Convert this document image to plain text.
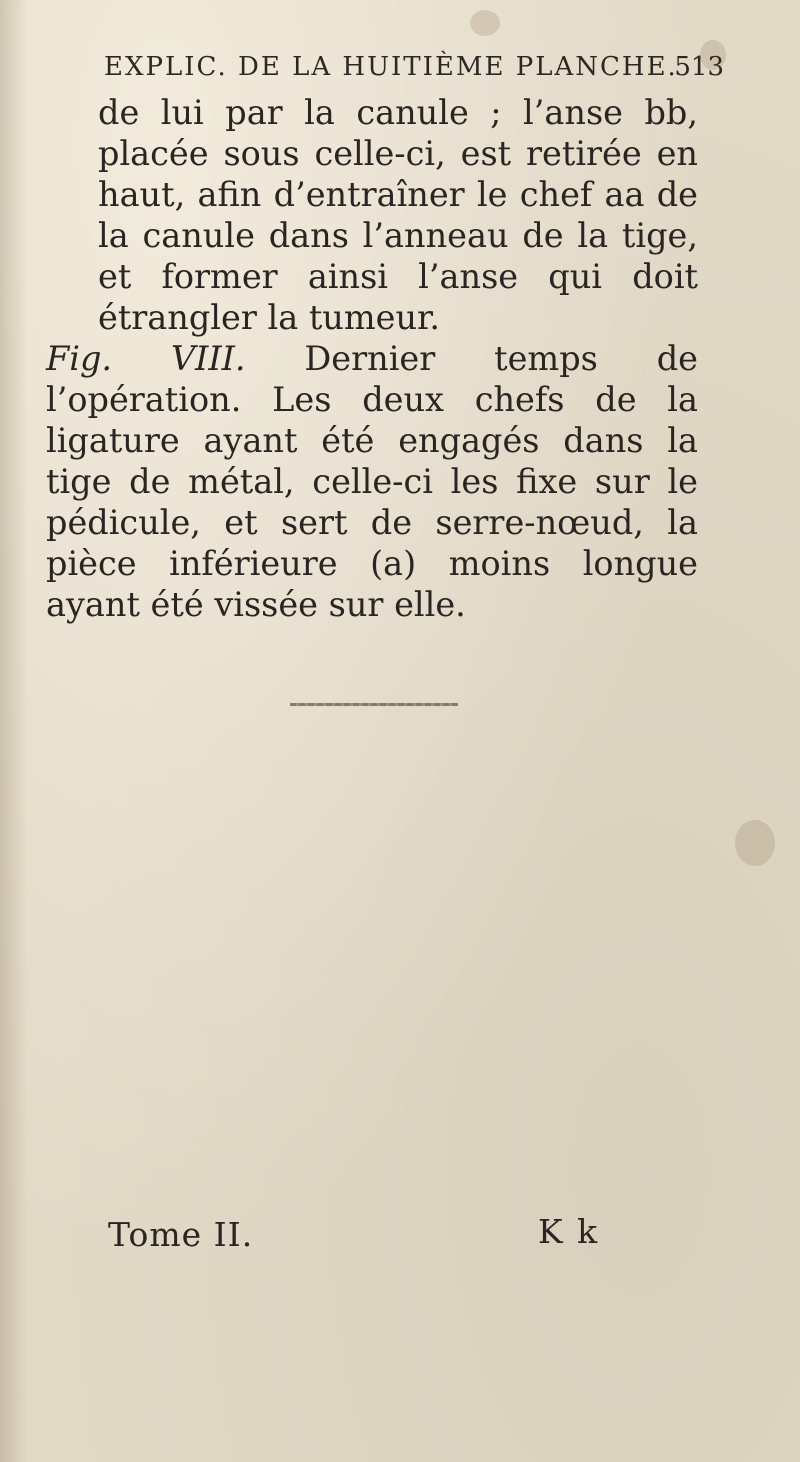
EXPLIC. DE LA HUITIÈME PLANCHE.
513

de lui par la canule ; l’anse bb, placée sous celle-ci, est retirée en haut, afin d’entraîner le chef aa de la canule dans l’anneau de la tige, et former ainsi l’anse qui doit étrangler la tumeur.

Fig. VIII. Dernier temps de l’opération. Les deux chefs de la ligature ayant été engagés dans la tige de métal, celle-ci les fixe sur le pédicule, et sert de serre-nœud, la pièce inférieure (a) moins longue ayant été vissée sur elle.

Tome II.	K k
